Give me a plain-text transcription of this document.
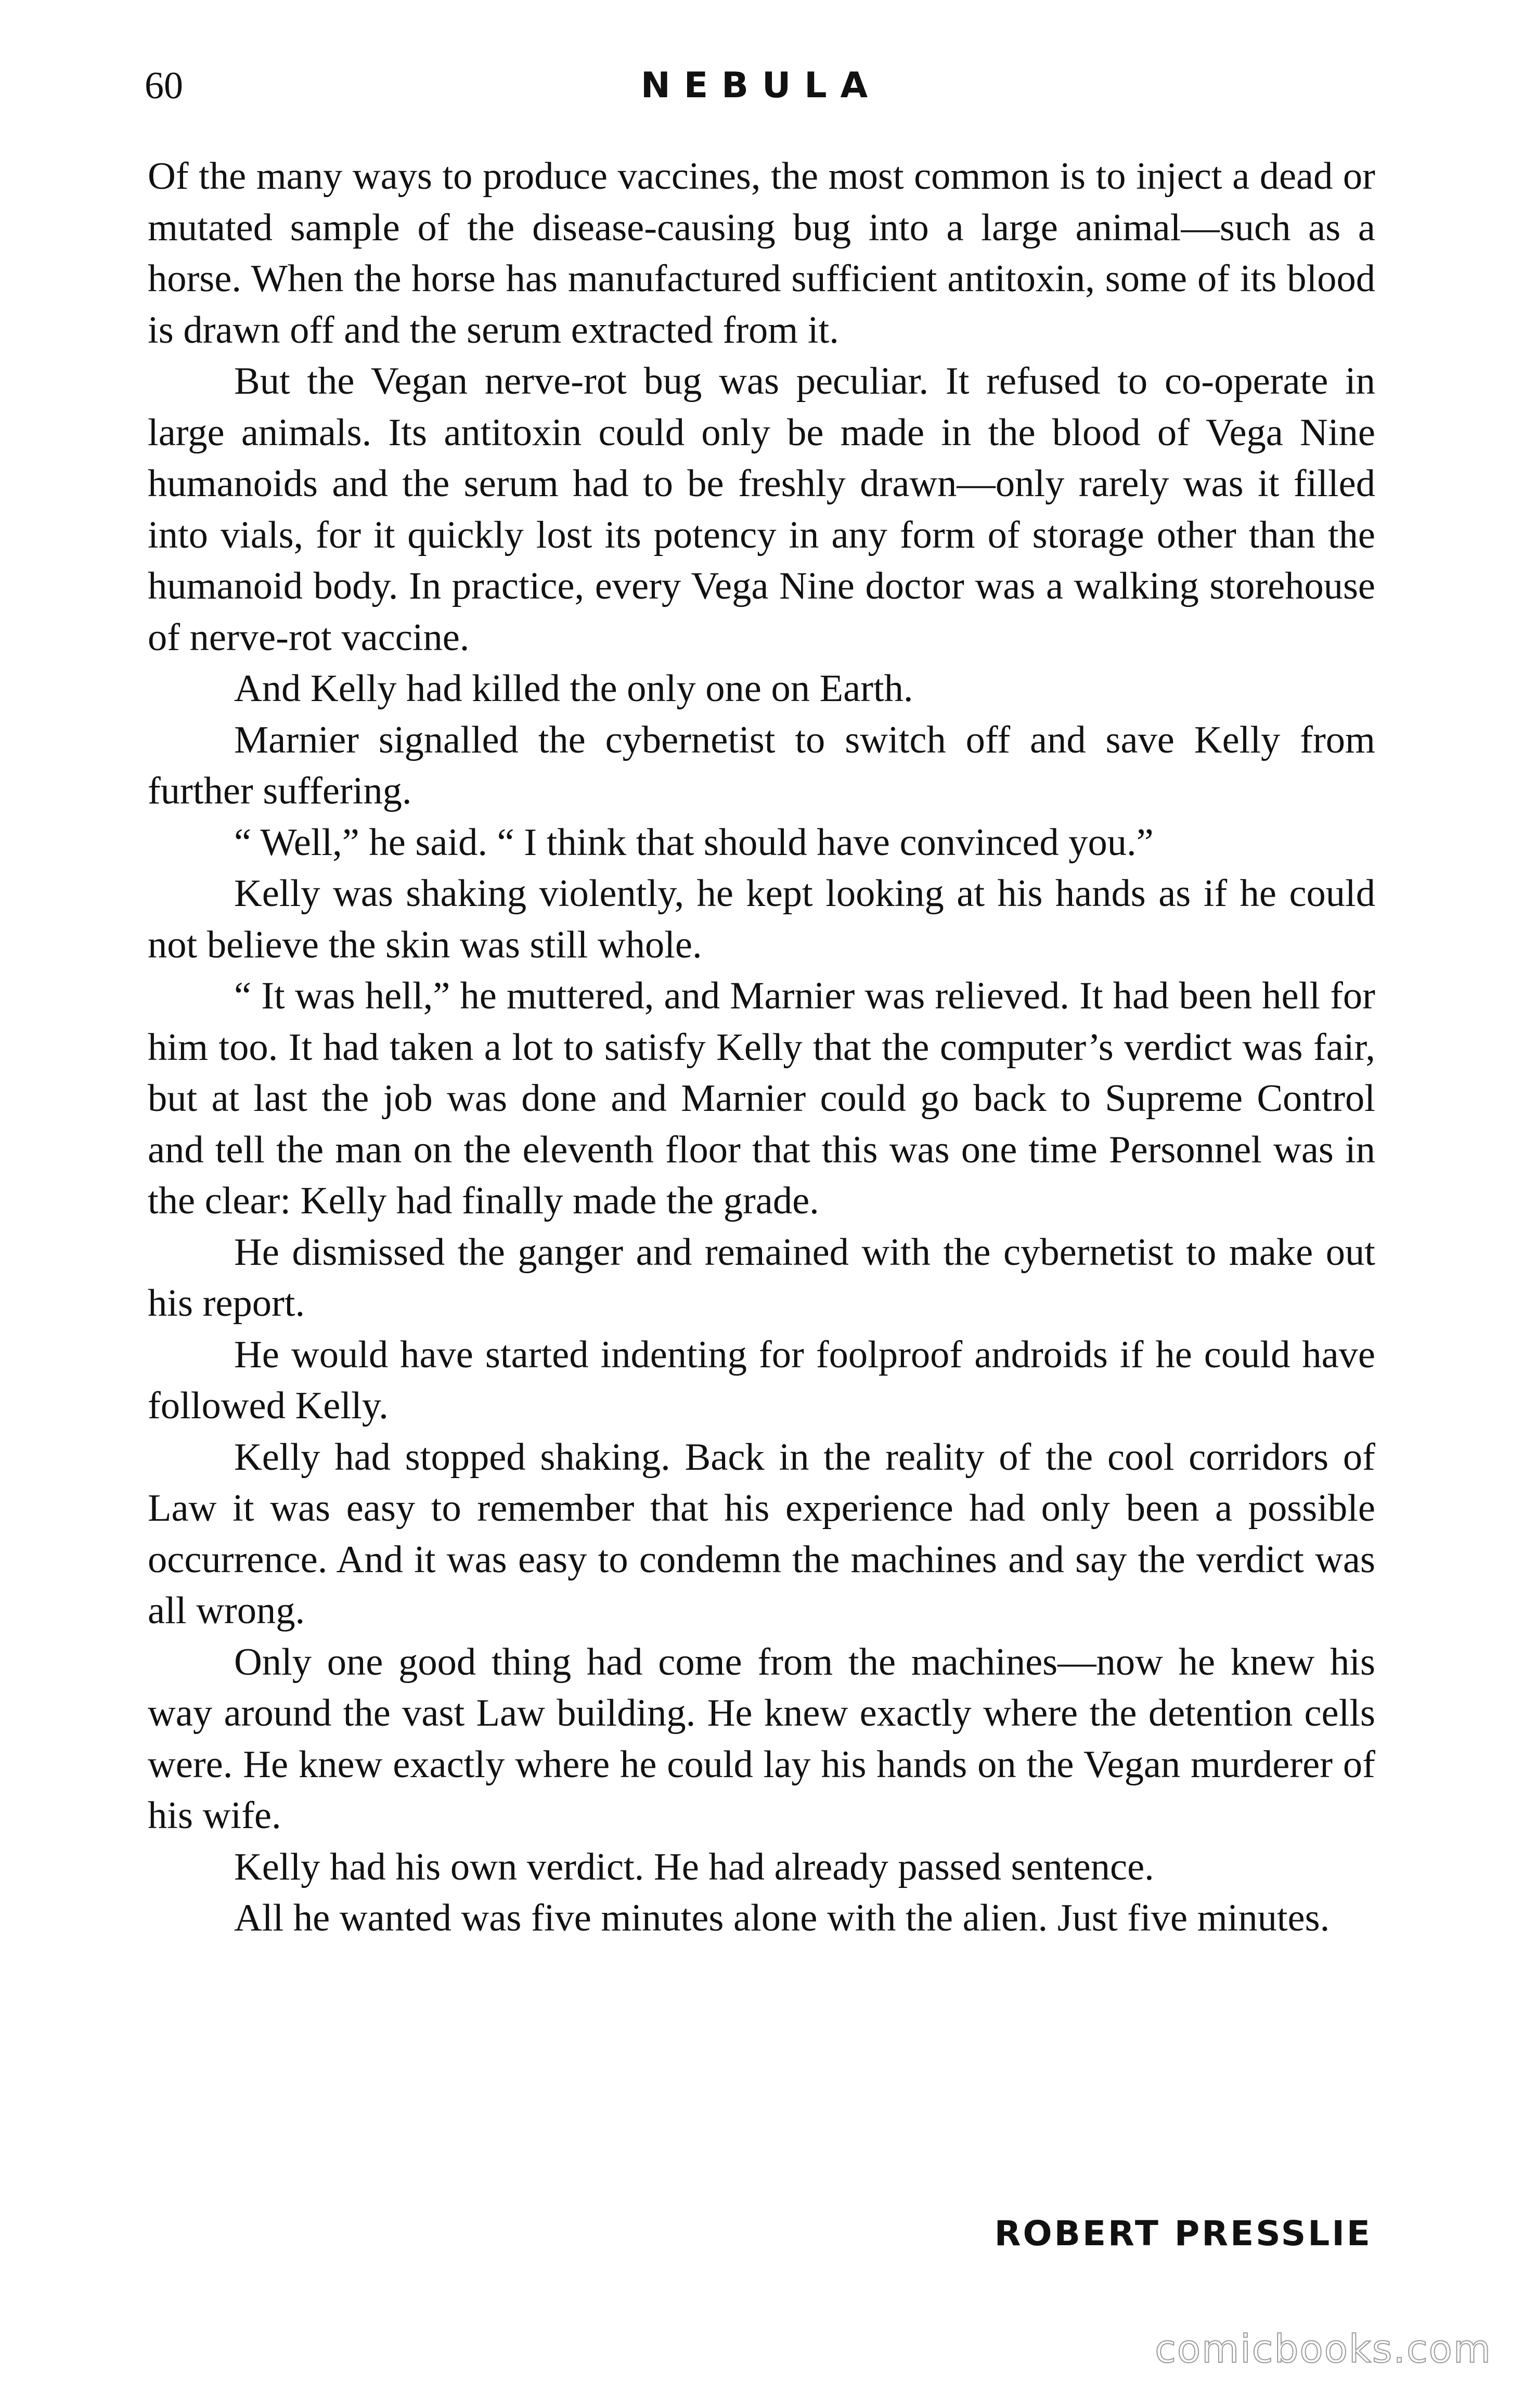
60	NEBULA

Of the many ways to produce vaccines, the most common is to inject a dead or mutated sample of the disease-causing bug into a large animal—such as a horse. When the horse has manufactured sufficient antitoxin, some of its blood is drawn off and the serum extracted from it.

But the Vegan nerve-rot bug was peculiar. It refused to co-operate in large animals. Its antitoxin could only be made in the blood of Vega Nine humanoids and the serum had to be freshly drawn—only rarely was it filled into vials, for it quickly lost its potency in any form of storage other than the humanoid body. In practice, every Vega Nine doctor was a walking storehouse of nerve-rot vaccine.

And Kelly had killed the only one on Earth.

Marnier signalled the cybernetist to switch off and save Kelly from further suffering.

“ Well,” he said. “ I think that should have convinced you.”

Kelly was shaking violently, he kept looking at his hands as if he could not believe the skin was still whole.

“ It was hell,” he muttered, and Marnier was relieved. It had been hell for him too. It had taken a lot to satisfy Kelly that the computer’s verdict was fair, but at last the job was done and Marnier could go back to Supreme Control and tell the man on the eleventh floor that this was one time Personnel was in the clear: Kelly had finally made the grade.

He dismissed the ganger and remained with the cybernetist to make out his report.

He would have started indenting for foolproof androids if he could have followed Kelly.

Kelly had stopped shaking. Back in the reality of the cool corridors of Law it was easy to remember that his experience had only been a possible occurrence. And it was easy to condemn the machines and say the verdict was all wrong.

Only one good thing had come from the machines—now he knew his way around the vast Law building. He knew exactly where the detention cells were. He knew exactly where he could lay his hands on the Vegan murderer of his wife.

Kelly had his own verdict. He had already passed sentence.

All he wanted was five minutes alone with the alien. Just five minutes.

ROBERT PRESSLIE
comicbooks.com
